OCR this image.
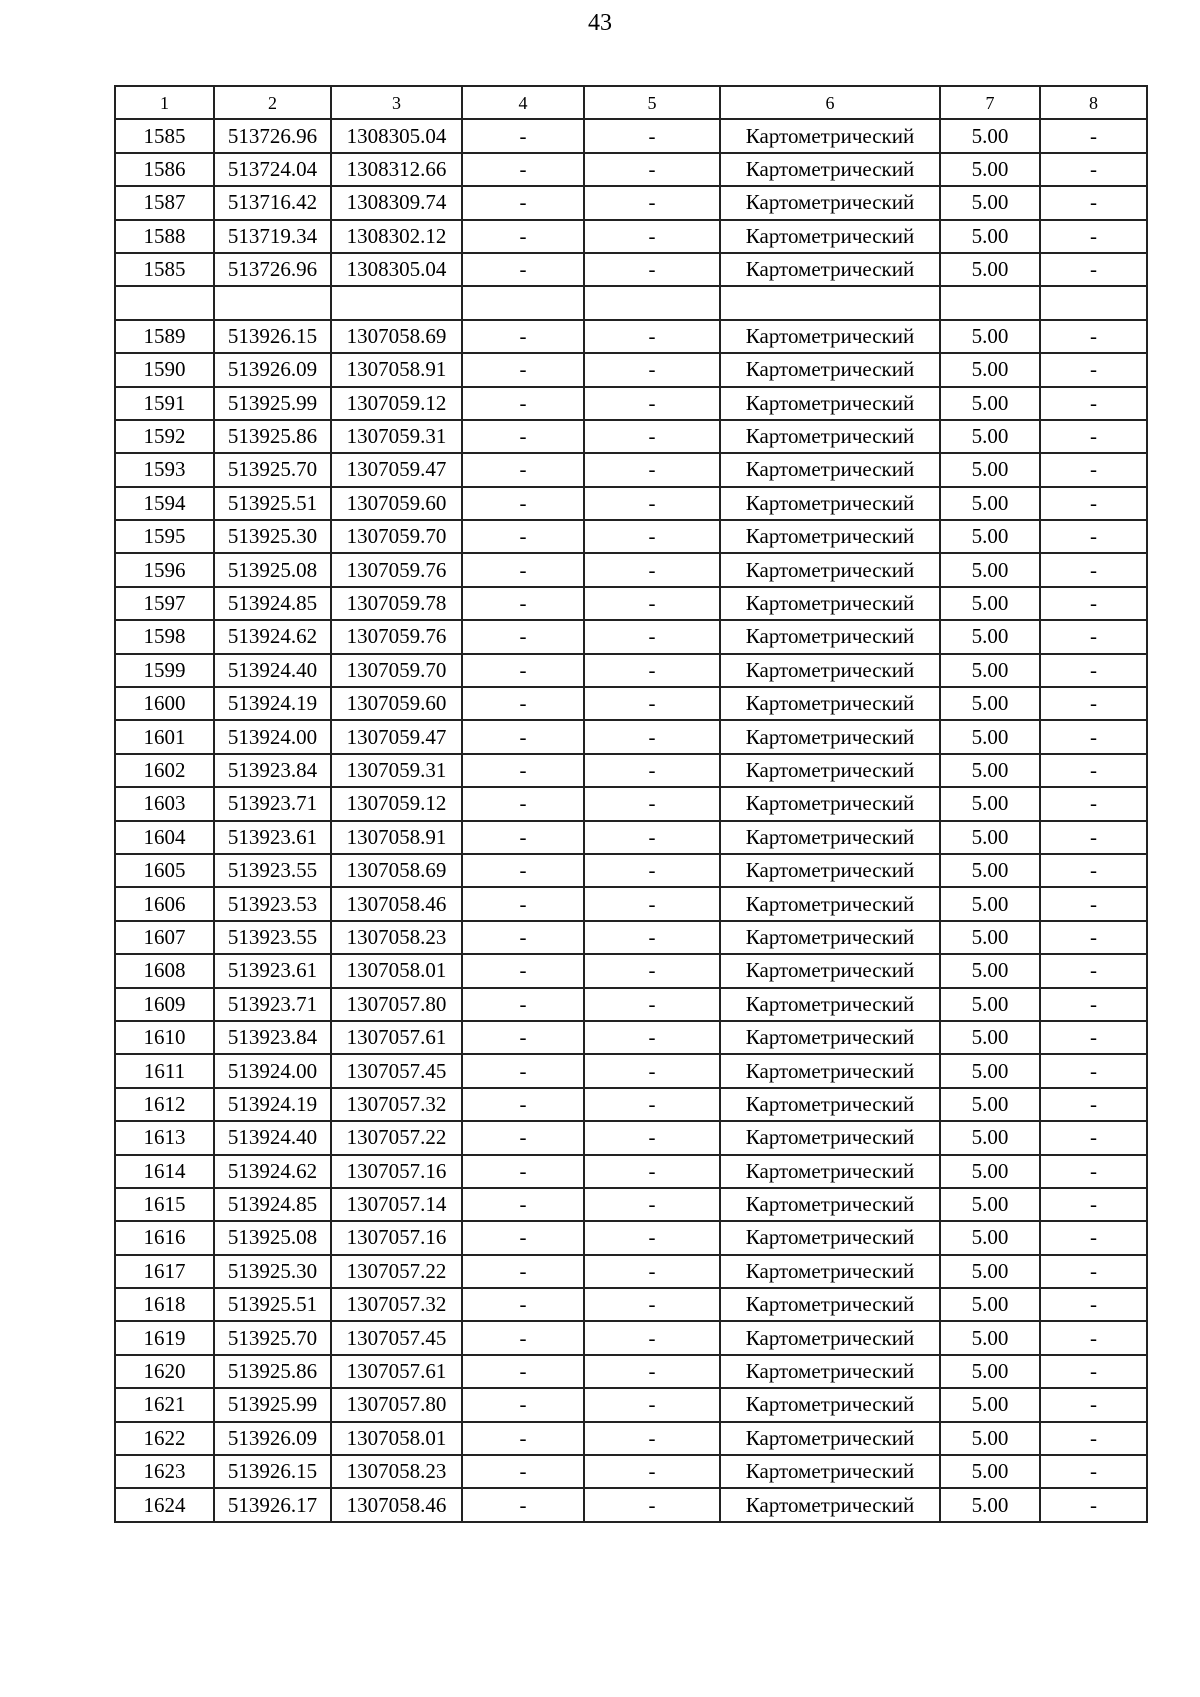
43
1	2	3	4	5	6	7	8
1585	513726.96	1308305.04	-	-	Картометрический	5.00	-
1586	513724.04	1308312.66	-	-	Картометрический	5.00	-
1587	513716.42	1308309.74	-	-	Картометрический	5.00	-
1588	513719.34	1308302.12	-	-	Картометрический	5.00	-
1585	513726.96	1308305.04	-	-	Картометрический	5.00	-

1589	513926.15	1307058.69	-	-	Картометрический	5.00	-
1590	513926.09	1307058.91	-	-	Картометрический	5.00	-
1591	513925.99	1307059.12	-	-	Картометрический	5.00	-
1592	513925.86	1307059.31	-	-	Картометрический	5.00	-
1593	513925.70	1307059.47	-	-	Картометрический	5.00	-
1594	513925.51	1307059.60	-	-	Картометрический	5.00	-
1595	513925.30	1307059.70	-	-	Картометрический	5.00	-
1596	513925.08	1307059.76	-	-	Картометрический	5.00	-
1597	513924.85	1307059.78	-	-	Картометрический	5.00	-
1598	513924.62	1307059.76	-	-	Картометрический	5.00	-
1599	513924.40	1307059.70	-	-	Картометрический	5.00	-
1600	513924.19	1307059.60	-	-	Картометрический	5.00	-
1601	513924.00	1307059.47	-	-	Картометрический	5.00	-
1602	513923.84	1307059.31	-	-	Картометрический	5.00	-
1603	513923.71	1307059.12	-	-	Картометрический	5.00	-
1604	513923.61	1307058.91	-	-	Картометрический	5.00	-
1605	513923.55	1307058.69	-	-	Картометрический	5.00	-
1606	513923.53	1307058.46	-	-	Картометрический	5.00	-
1607	513923.55	1307058.23	-	-	Картометрический	5.00	-
1608	513923.61	1307058.01	-	-	Картометрический	5.00	-
1609	513923.71	1307057.80	-	-	Картометрический	5.00	-
1610	513923.84	1307057.61	-	-	Картометрический	5.00	-
1611	513924.00	1307057.45	-	-	Картометрический	5.00	-
1612	513924.19	1307057.32	-	-	Картометрический	5.00	-
1613	513924.40	1307057.22	-	-	Картометрический	5.00	-
1614	513924.62	1307057.16	-	-	Картометрический	5.00	-
1615	513924.85	1307057.14	-	-	Картометрический	5.00	-
1616	513925.08	1307057.16	-	-	Картометрический	5.00	-
1617	513925.30	1307057.22	-	-	Картометрический	5.00	-
1618	513925.51	1307057.32	-	-	Картометрический	5.00	-
1619	513925.70	1307057.45	-	-	Картометрический	5.00	-
1620	513925.86	1307057.61	-	-	Картометрический	5.00	-
1621	513925.99	1307057.80	-	-	Картометрический	5.00	-
1622	513926.09	1307058.01	-	-	Картометрический	5.00	-
1623	513926.15	1307058.23	-	-	Картометрический	5.00	-
1624	513926.17	1307058.46	-	-	Картометрический	5.00	-
